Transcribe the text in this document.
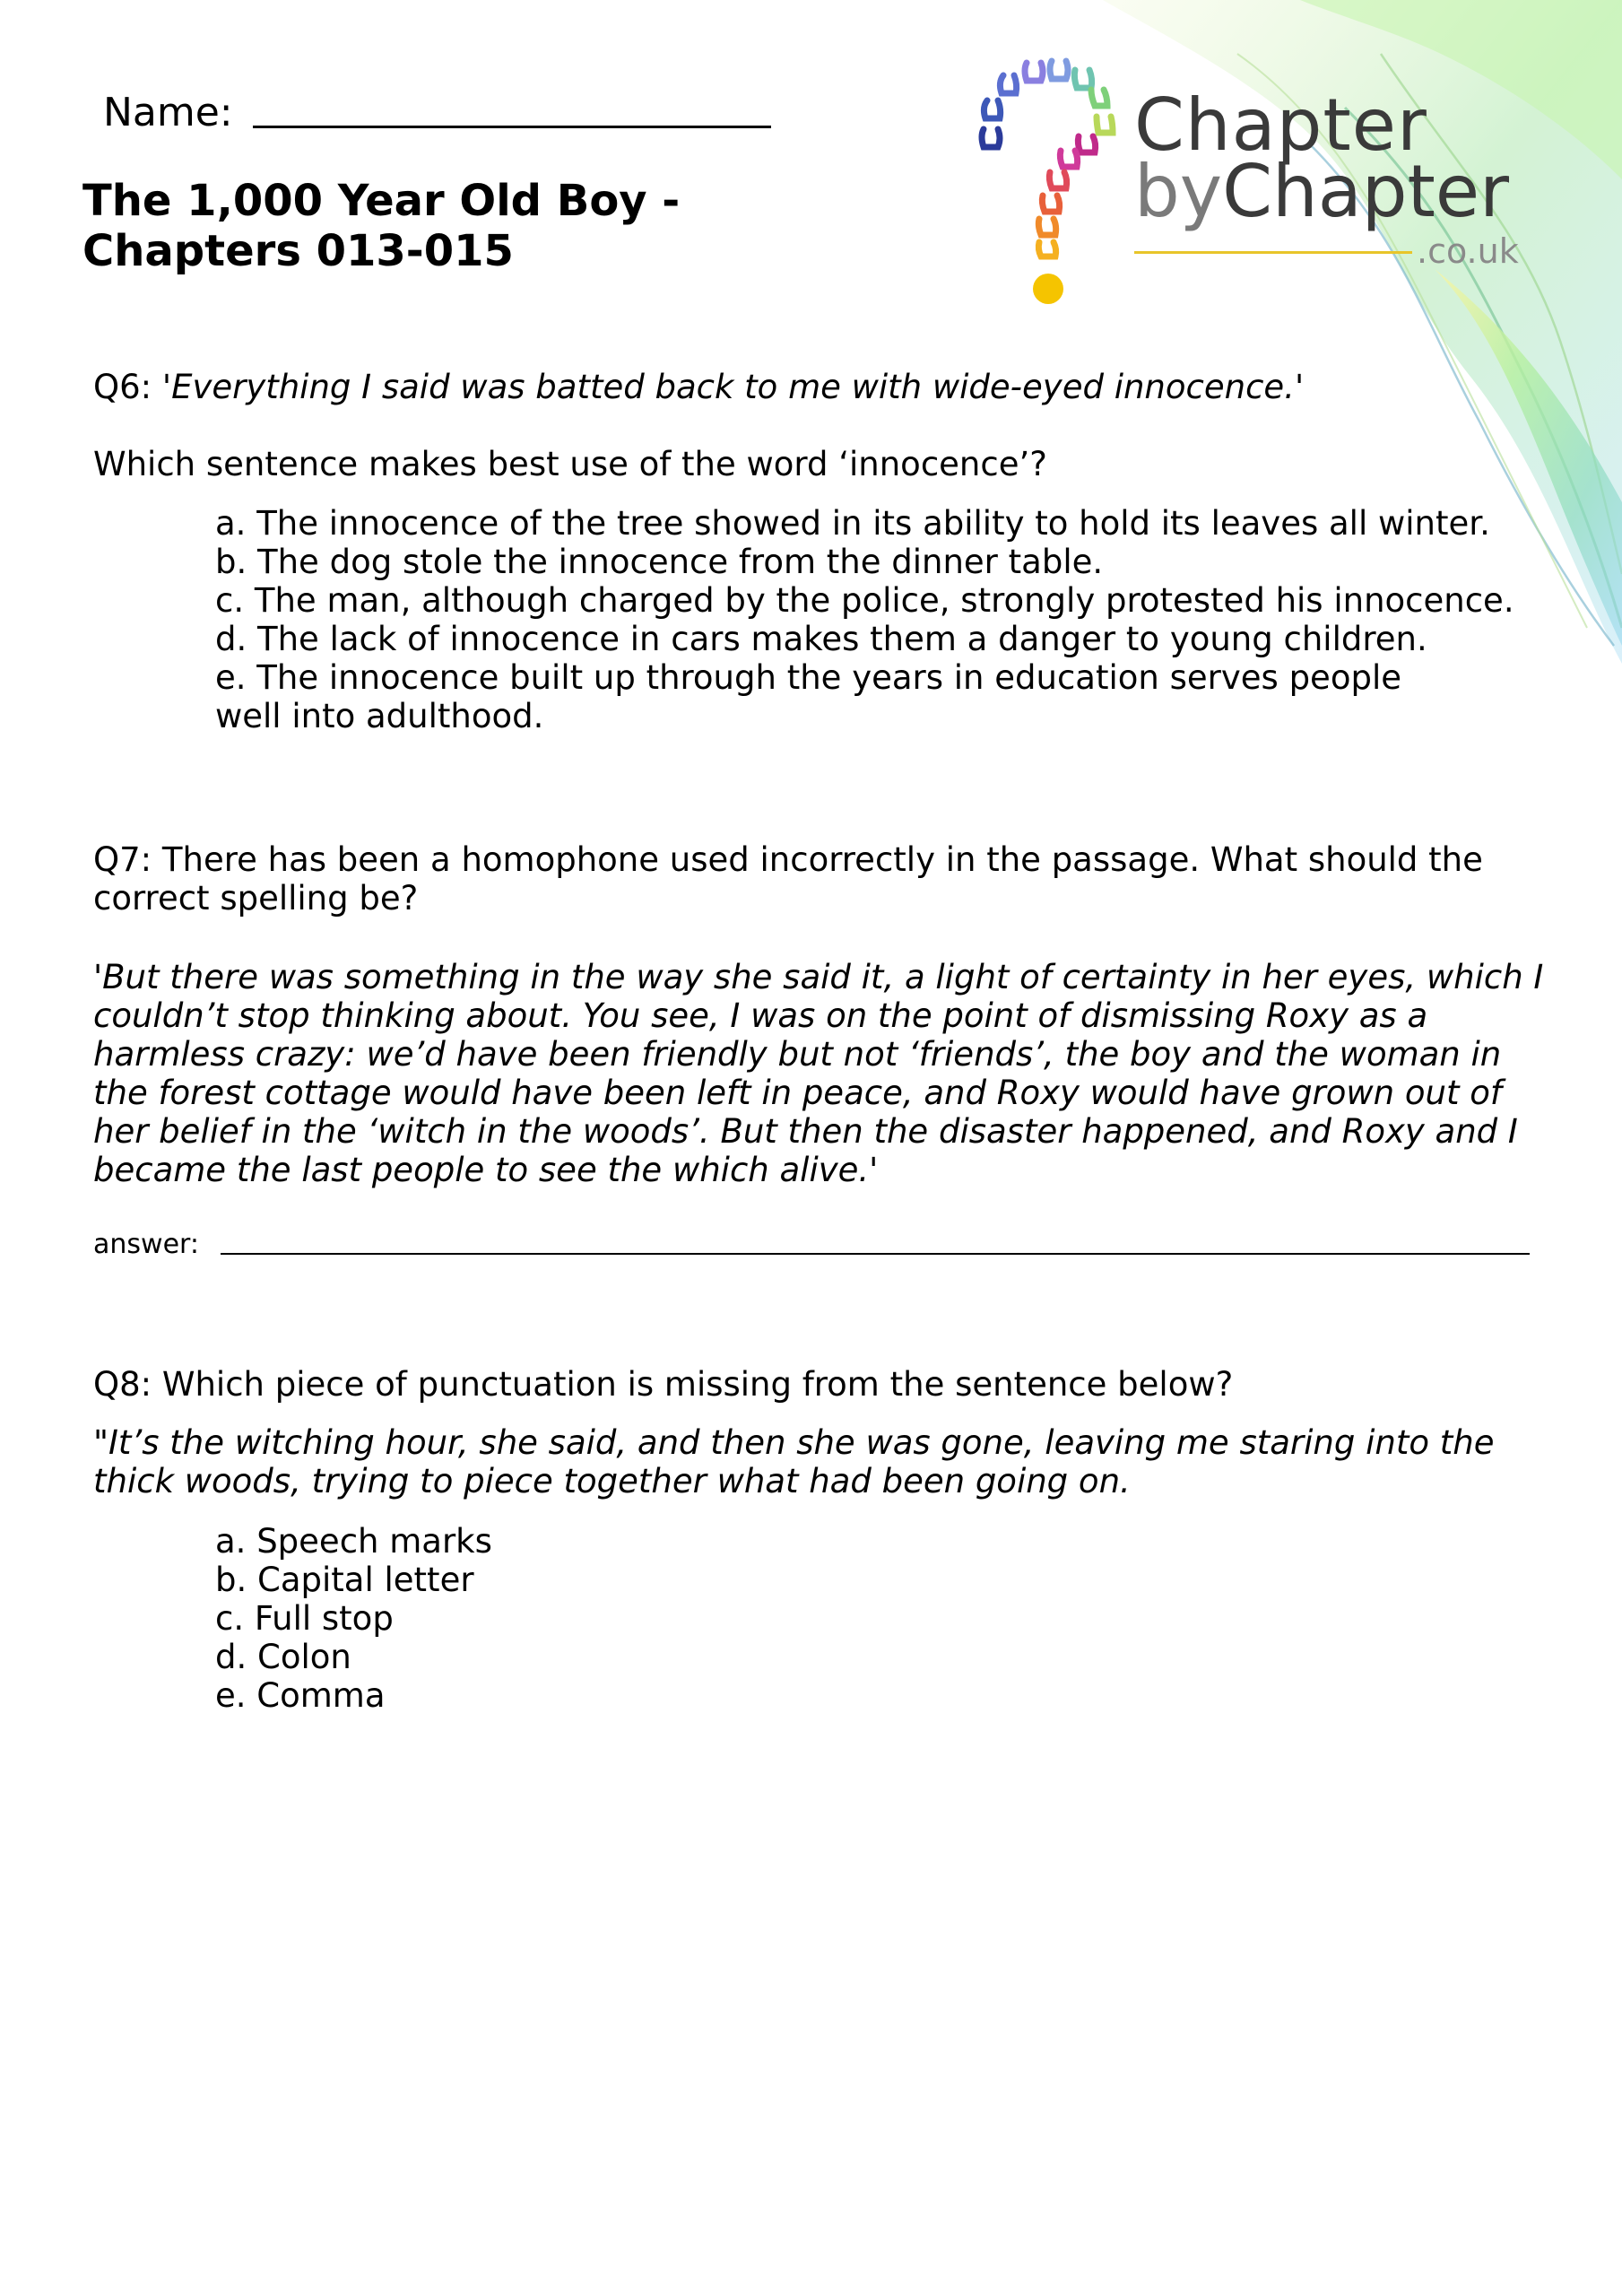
Name:
The 1,000 Year Old Boy -
Chapters 013-015
Chapter
byChapter
.co.uk
Q6: 'Everything I said was batted back to me with wide-eyed innocence.'
Which sentence makes best use of the word ‘innocence’?
a. The innocence of the tree showed in its ability to hold its leaves all winter.
b. The dog stole the innocence from the dinner table.
c. The man, although charged by the police, strongly protested his innocence.
d. The lack of innocence in cars makes them a danger to young children.
e. The innocence built up through the years in education serves people well into adulthood.
Q7: There has been a homophone used incorrectly in the passage. What should the correct spelling be?
'But there was something in the way she said it, a light of certainty in her eyes, which I couldn’t stop thinking about. You see, I was on the point of dismissing Roxy as a harmless crazy: we’d have been friendly but not ‘friends’, the boy and the woman in the forest cottage would have been left in peace, and Roxy would have grown out of her belief in the ‘witch in the woods’. But then the disaster happened, and Roxy and I became the last people to see the which alive.'
answer:
Q8: Which piece of punctuation is missing from the sentence below?
"It’s the witching hour, she said, and then she was gone, leaving me staring into the thick woods, trying to piece together what had been going on.
a. Speech marks
b. Capital letter
c. Full stop
d. Colon
e. Comma
